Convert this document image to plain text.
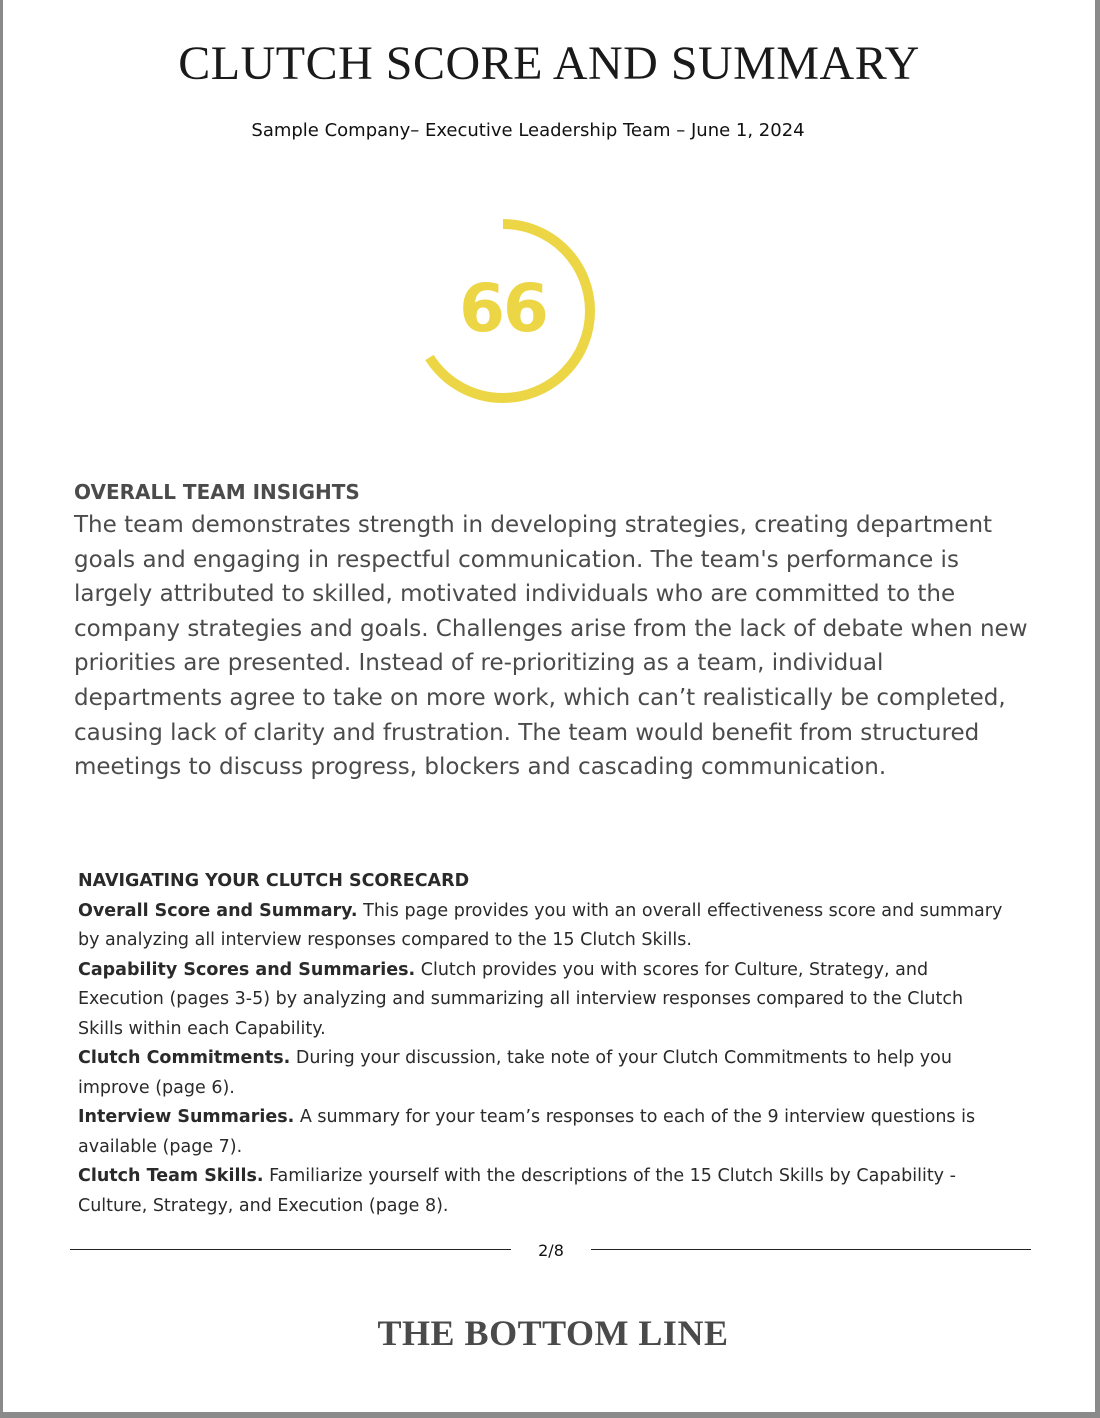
CLUTCH SCORE AND SUMMARY
Sample Company– Executive Leadership Team – June 1, 2024
66
OVERALL TEAM INSIGHTS

The team demonstrates strength in developing strategies, creating department goals and engaging in respectful communication. The team's performance is largely attributed to skilled, motivated individuals who are committed to the company strategies and goals. Challenges arise from the lack of debate when new priorities are presented. Instead of re-prioritizing as a team, individual departments agree to take on more work, which can’t realistically be completed, causing lack of clarity and frustration. The team would benefit from structured meetings to discuss progress, blockers and cascading communication.

NAVIGATING YOUR CLUTCH SCORECARD

Overall Score and Summary. This page provides you with an overall effectiveness score and summary by analyzing all interview responses compared to the 15 Clutch Skills.

Capability Scores and Summaries. Clutch provides you with scores for Culture, Strategy, and Execution (pages 3-5) by analyzing and summarizing all interview responses compared to the Clutch Skills within each Capability.

Clutch Commitments. During your discussion, take note of your Clutch Commitments to help you improve (page 6).

Interview Summaries. A summary for your team’s responses to each of the 9 interview questions is available (page 7).

Clutch Team Skills. Familiarize yourself with the descriptions of the 15 Clutch Skills by Capability - Culture, Strategy, and Execution (page 8).

2/8
THE BOTTOM LINE
